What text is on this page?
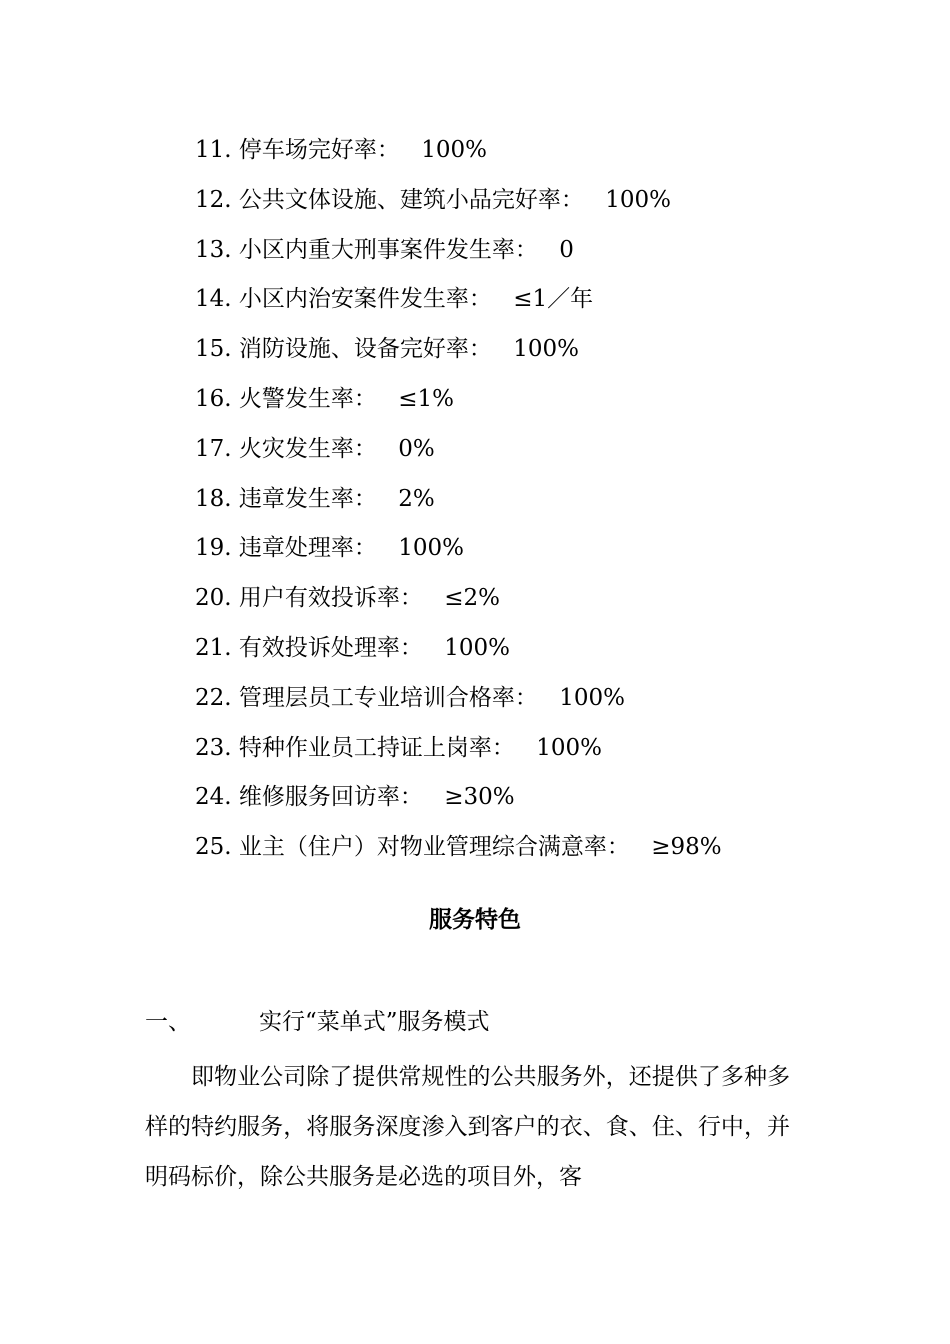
11. 停车场完好率： 100%
12. 公共文体设施、建筑小品完好率： 100%
13. 小区内重大刑事案件发生率： 0
14. 小区内治安案件发生率： ≤1／年
15. 消防设施、设备完好率： 100%
16. 火警发生率： ≤1%
17. 火灾发生率： 0%
18. 违章发生率： 2%
19. 违章处理率： 100%
20. 用户有效投诉率： ≤2%
21. 有效投诉处理率： 100%
22. 管理层员工专业培训合格率： 100%
23. 特种作业员工持证上岗率： 100%
24. 维修服务回访率： ≥30%
25. 业主（住户）对物业管理综合满意率： ≥98%
服务特色
一、	实行“菜单式”服务模式

即物业公司除了提供常规性的公共服务外，还提供了多种多样的特约服务，将服务深度渗入到客户的衣、食、住、行中，并明码标价，除公共服务是必选的项目外，客
